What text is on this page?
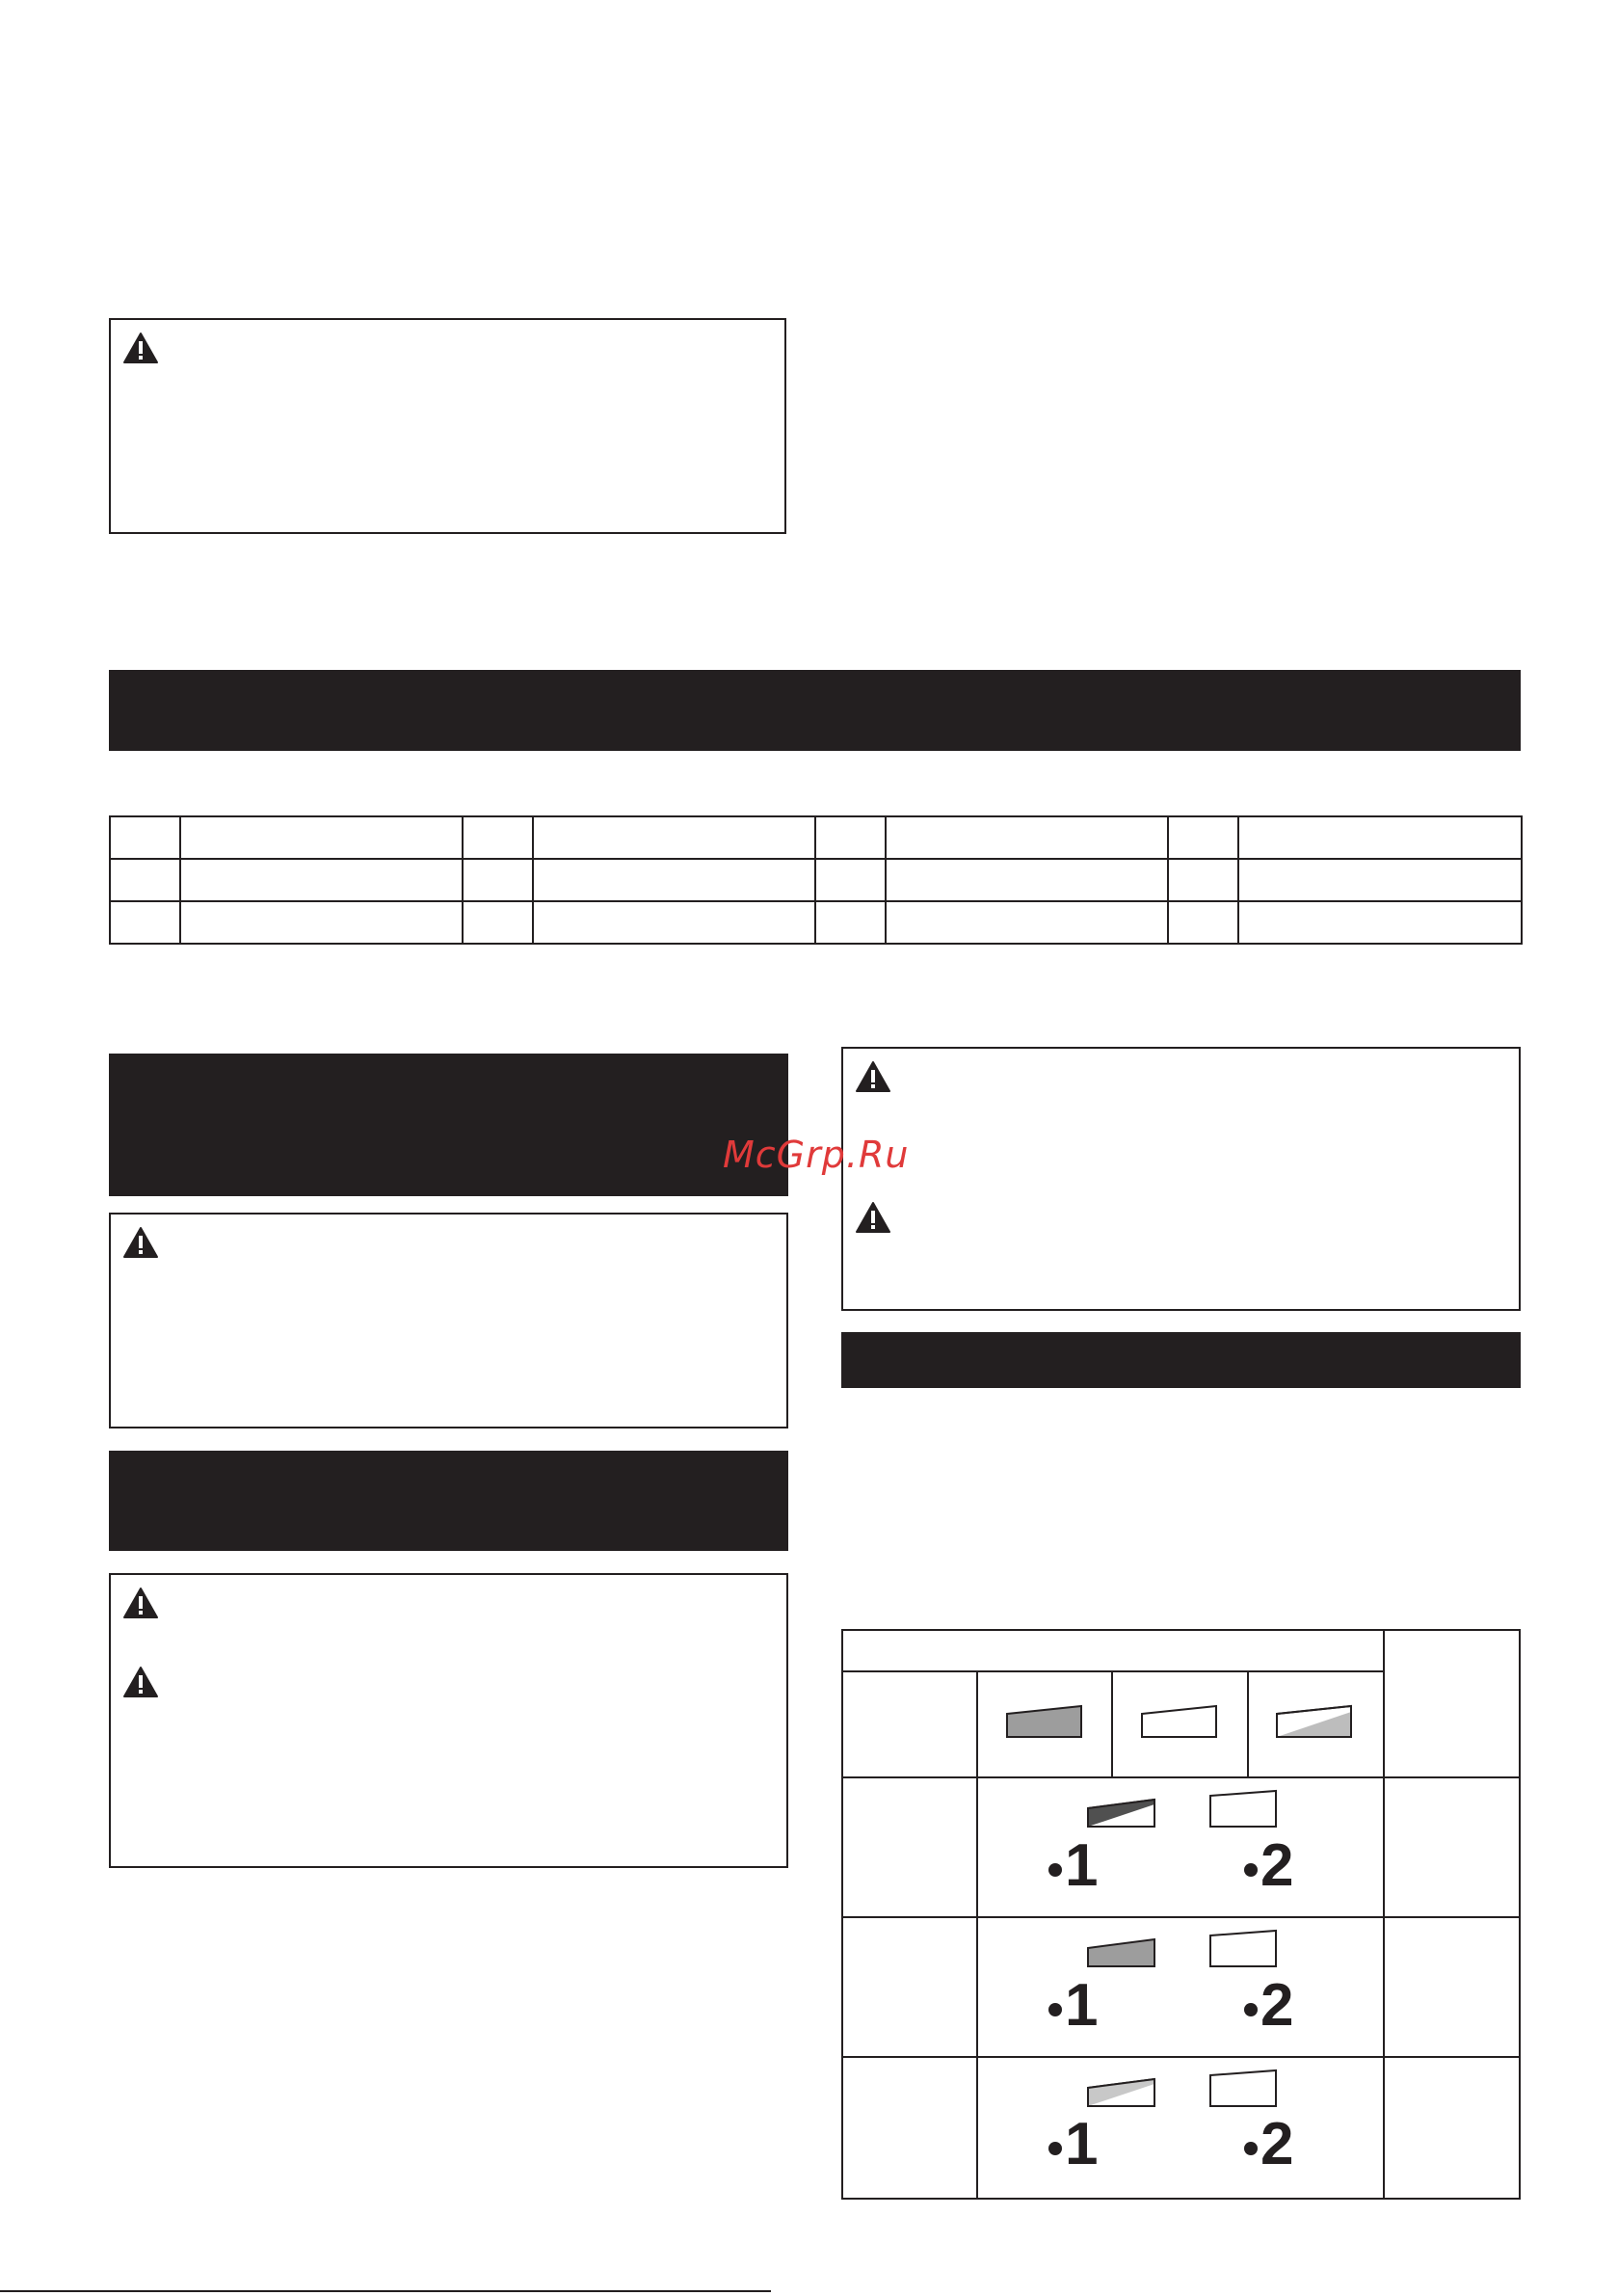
McGrp.Ru
1	2
1	2
1	2
